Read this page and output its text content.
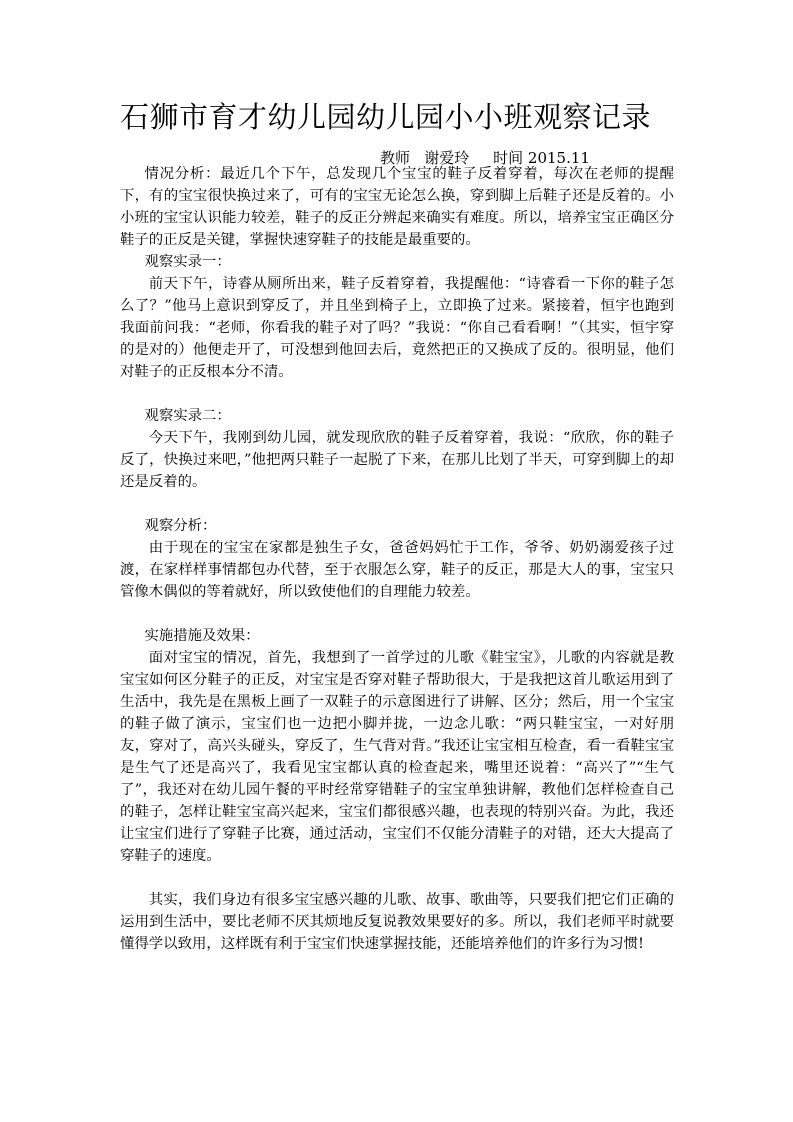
石狮市育才幼儿园幼儿园小小班观察记录
教师   谢爱玲     时间 2015.11

情况分析：最近几个下午，总发现几个宝宝的鞋子反着穿着，每次在老师的提醒下，有的宝宝很快换过来了，可有的宝宝无论怎么换，穿到脚上后鞋子还是反着的。小小班的宝宝认识能力较差，鞋子的反正分辨起来确实有难度。所以，培养宝宝正确区分鞋子的正反是关键，掌握快速穿鞋子的技能是最重要的。

观察实录一：

前天下午，诗睿从厕所出来，鞋子反着穿着，我提醒他：“诗睿看一下你的鞋子怎么了？”他马上意识到穿反了，并且坐到椅子上，立即换了过来。紧接着，恒宇也跑到我面前问我：“老师，你看我的鞋子对了吗？”我说：“你自己看看啊！”（其实，恒宇穿的是对的）他便走开了，可没想到他回去后，竟然把正的又换成了反的。很明显，他们对鞋子的正反根本分不清。

观察实录二：

今天下午，我刚到幼儿园，就发现欣欣的鞋子反着穿着，我说：“欣欣，你的鞋子反了，快换过来吧，”他把两只鞋子一起脱了下来，在那儿比划了半天，可穿到脚上的却还是反着的。

观察分析：

由于现在的宝宝在家都是独生子女，爸爸妈妈忙于工作，爷爷、奶奶溺爱孩子过渡，在家样样事情都包办代替，至于衣服怎么穿，鞋子的反正，那是大人的事，宝宝只管像木偶似的等着就好，所以致使他们的自理能力较差。

实施措施及效果：

面对宝宝的情况，首先，我想到了一首学过的儿歌《鞋宝宝》，儿歌的内容就是教宝宝如何区分鞋子的正反，对宝宝是否穿对鞋子帮助很大，于是我把这首儿歌运用到了生活中，我先是在黑板上画了一双鞋子的示意图进行了讲解、区分；然后，用一个宝宝的鞋子做了演示，宝宝们也一边把小脚并拢，一边念儿歌：“两只鞋宝宝，一对好朋友，穿对了，高兴头碰头，穿反了，生气背对背。”我还让宝宝相互检查，看一看鞋宝宝是生气了还是高兴了，我看见宝宝都认真的检查起来，嘴里还说着：“高兴了”“生气了”，我还对在幼儿园午餐的平时经常穿错鞋子的宝宝单独讲解，教他们怎样检查自己的鞋子，怎样让鞋宝宝高兴起来，宝宝们都很感兴趣，也表现的特别兴奋。为此，我还让宝宝们进行了穿鞋子比赛，通过活动，宝宝们不仅能分清鞋子的对错，还大大提高了穿鞋子的速度。

其实，我们身边有很多宝宝感兴趣的儿歌、故事、歌曲等，只要我们把它们正确的运用到生活中，要比老师不厌其烦地反复说教效果要好的多。所以，我们老师平时就要懂得学以致用，这样既有利于宝宝们快速掌握技能，还能培养他们的许多行为习惯!
